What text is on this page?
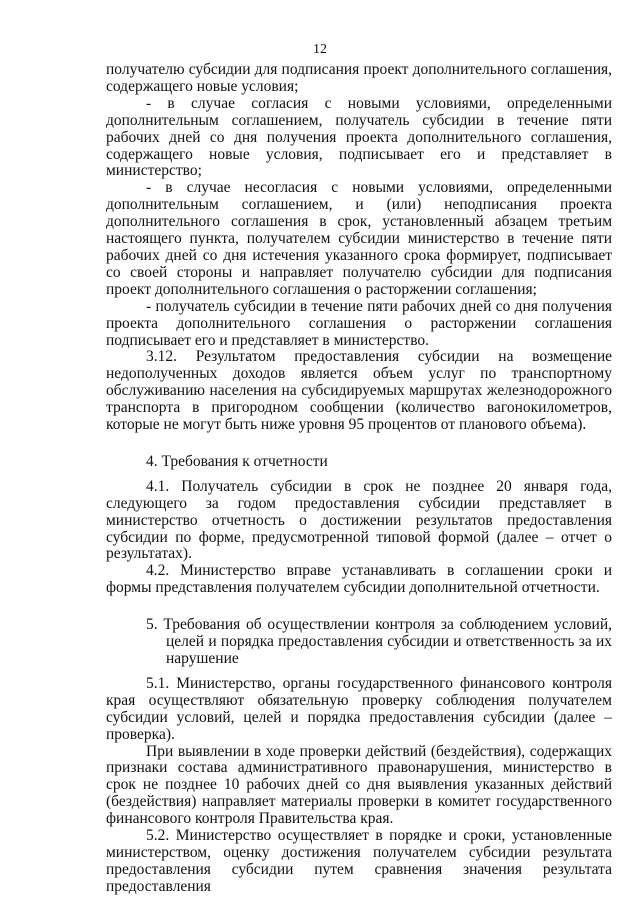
12

получателю субсидии для подписания проект дополнительного соглашения, содержащего новые условия;

- в случае согласия с новыми условиями, определенными дополнительным соглашением, получатель субсидии в течение пяти рабочих дней со дня получения проекта дополнительного соглашения, содержащего новые условия, подписывает его и представляет в министерство;

- в случае несогласия с новыми условиями, определенными дополнительным соглашением, и (или) неподписания проекта дополнительного соглашения в срок, установленный абзацем третьим настоящего пункта, получателем субсидии министерство в течение пяти рабочих дней со дня истечения указанного срока формирует, подписывает со своей стороны и направляет получателю субсидии для подписания проект дополнительного соглашения о расторжении соглашения;

- получатель субсидии в течение пяти рабочих дней со дня получения проекта дополнительного соглашения о расторжении соглашения подписывает его и представляет в министерство.

3.12. Результатом предоставления субсидии на возмещение недополученных доходов является объем услуг по транспортному обслуживанию населения на субсидируемых маршрутах железнодорожного транспорта в пригородном сообщении (количество вагонокилометров, которые не могут быть ниже уровня 95 процентов от планового объема).

4. Требования к отчетности

4.1. Получатель субсидии в срок не позднее 20 января года, следующего за годом предоставления субсидии представляет в министерство отчетность о достижении результатов предоставления субсидии по форме, предусмотренной типовой формой (далее – отчет о результатах).

4.2. Министерство вправе устанавливать в соглашении сроки и формы представления получателем субсидии дополнительной отчетности.

5. Требования об осуществлении контроля за соблюдением условий, целей и порядка предоставления субсидии и ответственность за их нарушение

5.1. Министерство, органы государственного финансового контроля края осуществляют обязательную проверку соблюдения получателем субсидии условий, целей и порядка предоставления субсидии (далее – проверка).

При выявлении в ходе проверки действий (бездействия), содержащих признаки состава административного правонарушения, министерство в срок не позднее 10 рабочих дней со дня выявления указанных действий (бездействия) направляет материалы проверки в комитет государственного финансового контроля Правительства края.

5.2. Министерство осуществляет в порядке и сроки, установленные министерством, оценку достижения получателем субсидии результата предоставления субсидии путем сравнения значения результата предоставления
